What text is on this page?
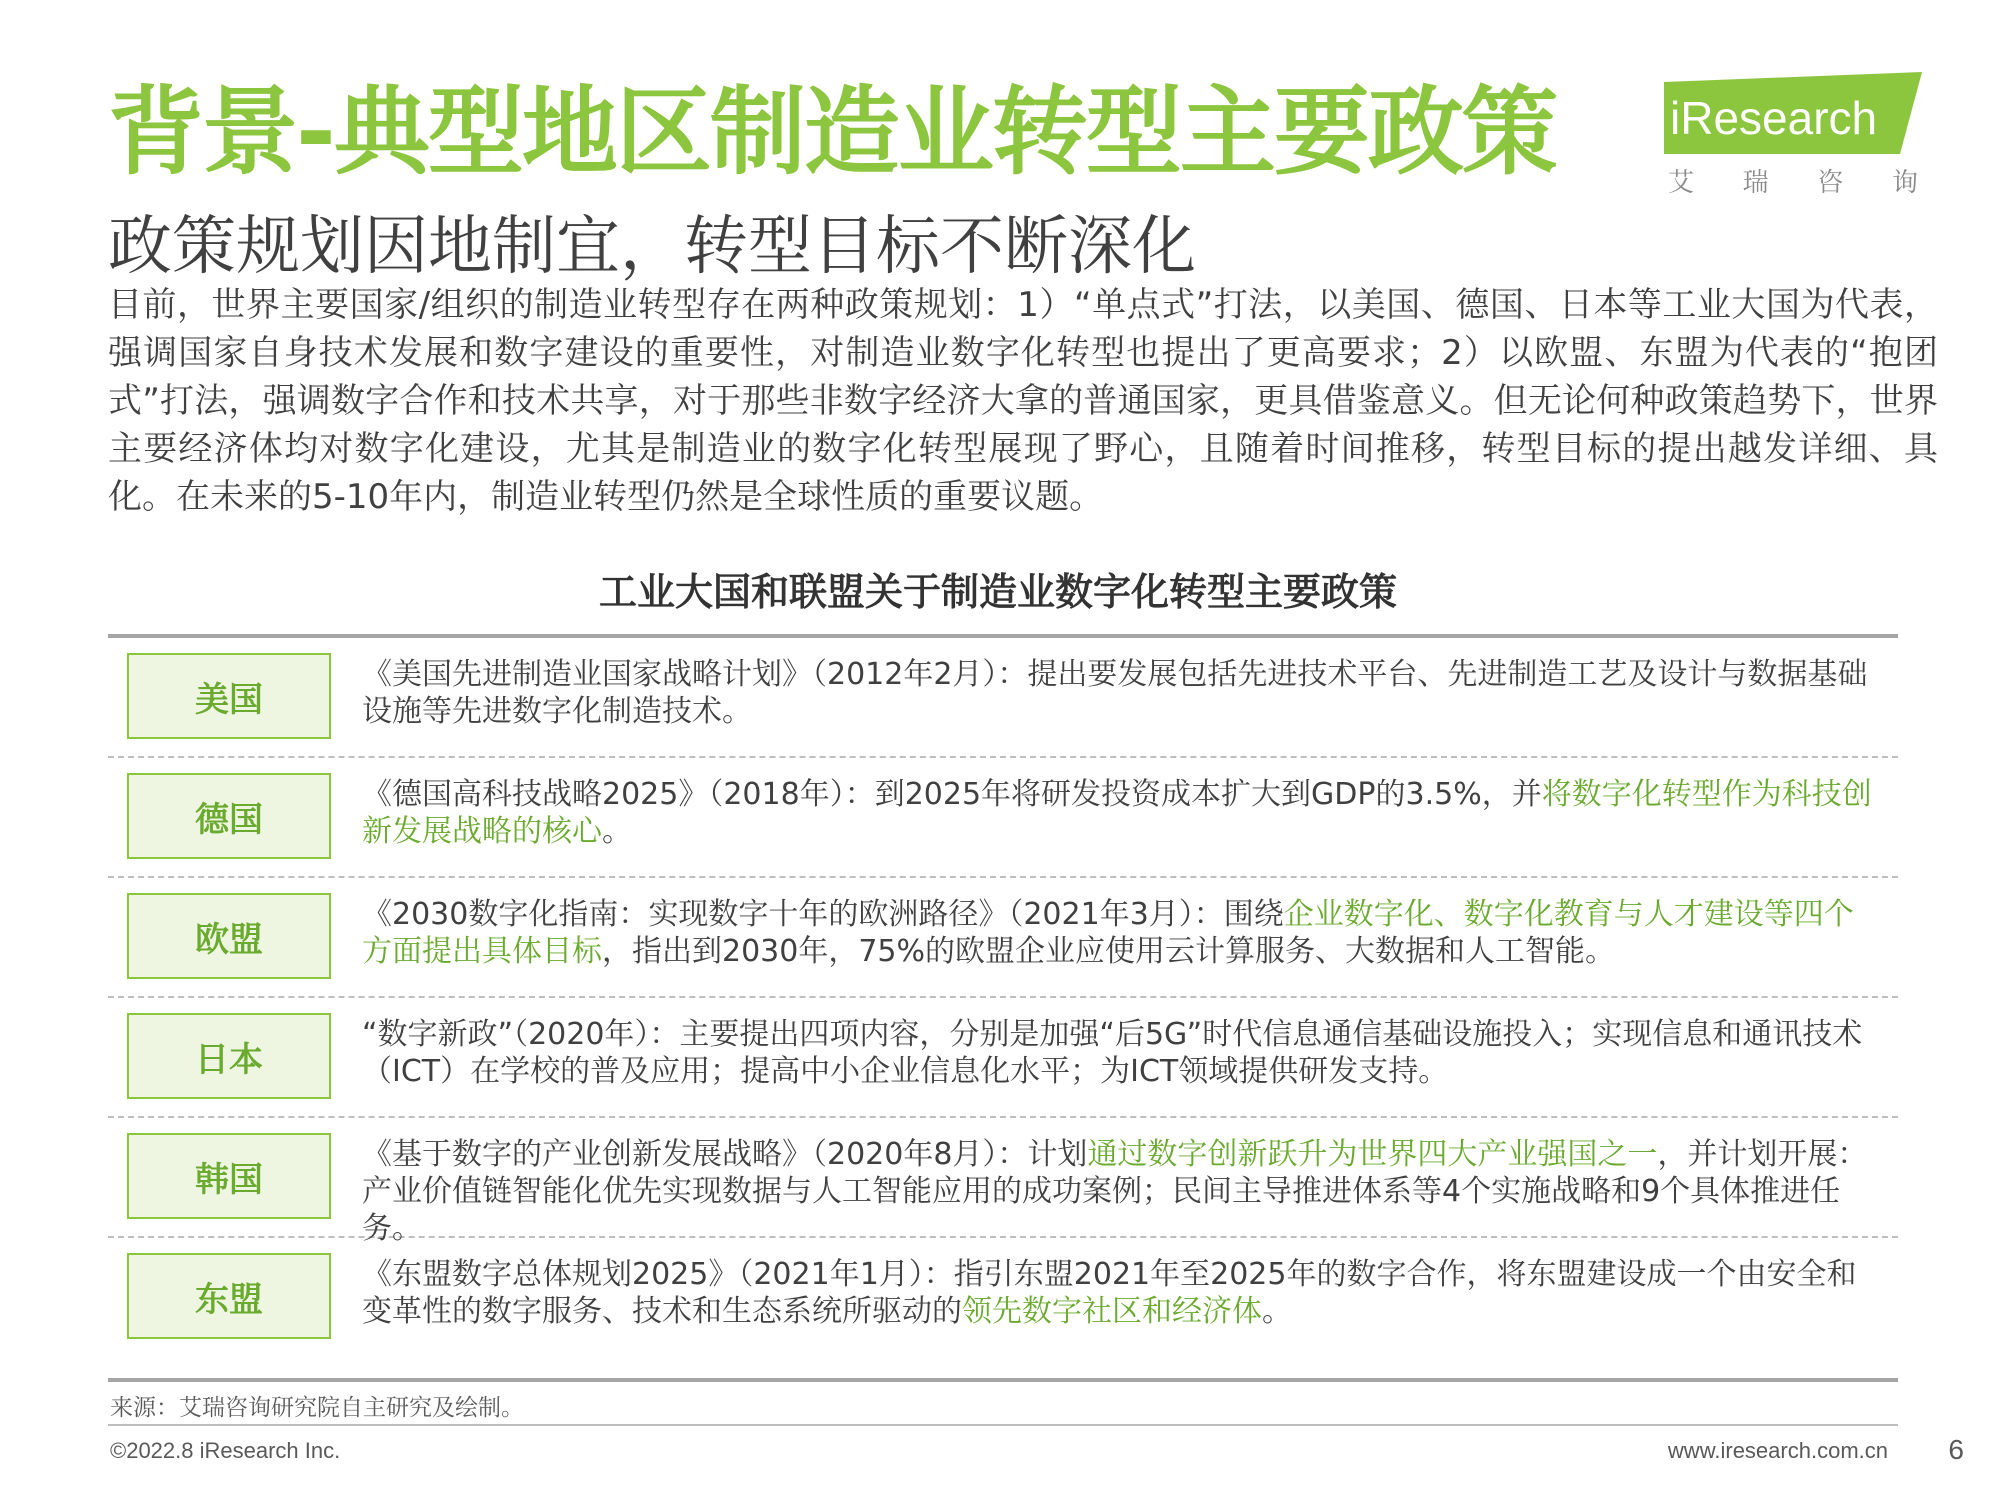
背景-典型地区制造业转型主要政策
政策规划因地制宜，转型目标不断深化
iResearch
艾 瑞 咨 询
目前，世界主要国家/组织的制造业转型存在两种政策规划：1）“单点式”打法，以美国、德国、日本等工业大国为代表，强调国家自身技术发展和数字建设的重要性，对制造业数字化转型也提出了更高要求；2）以欧盟、东盟为代表的“抱团式”打法，强调数字合作和技术共享，对于那些非数字经济大拿的普通国家，更具借鉴意义。但无论何种政策趋势下，世界主要经济体均对数字化建设，尤其是制造业的数字化转型展现了野心，且随着时间推移，转型目标的提出越发详细、具化。在未来的5-10年内，制造业转型仍然是全球性质的重要议题。
工业大国和联盟关于制造业数字化转型主要政策
美国
《美国先进制造业国家战略计划》（2012年2月）：提出要发展包括先进技术平台、先进制造工艺及设计与数据基础设施等先进数字化制造技术。
德国
《德国高科技战略2025》（2018年）：到2025年将研发投资成本扩大到GDP的3.5%，并将数字化转型作为科技创新发展战略的核心。
欧盟
《2030数字化指南：实现数字十年的欧洲路径》（2021年3月）：围绕企业数字化、数字化教育与人才建设等四个方面提出具体目标，指出到2030年，75%的欧盟企业应使用云计算服务、大数据和人工智能。
日本
“数字新政”（2020年）：主要提出四项内容，分别是加强“后5G”时代信息通信基础设施投入；实现信息和通讯技术（ICT）在学校的普及应用；提高中小企业信息化水平；为ICT领域提供研发支持。
韩国
《基于数字的产业创新发展战略》（2020年8月）：计划通过数字创新跃升为世界四大产业强国之一，并计划开展：产业价值链智能化优先实现数据与人工智能应用的成功案例；民间主导推进体系等4个实施战略和9个具体推进任务。
东盟
《东盟数字总体规划2025》（2021年1月）：指引东盟2021年至2025年的数字合作，将东盟建设成一个由安全和变革性的数字服务、技术和生态系统所驱动的领先数字社区和经济体。
来源：艾瑞咨询研究院自主研究及绘制。
©2022.8 iResearch Inc.	www.iresearch.com.cn 6
